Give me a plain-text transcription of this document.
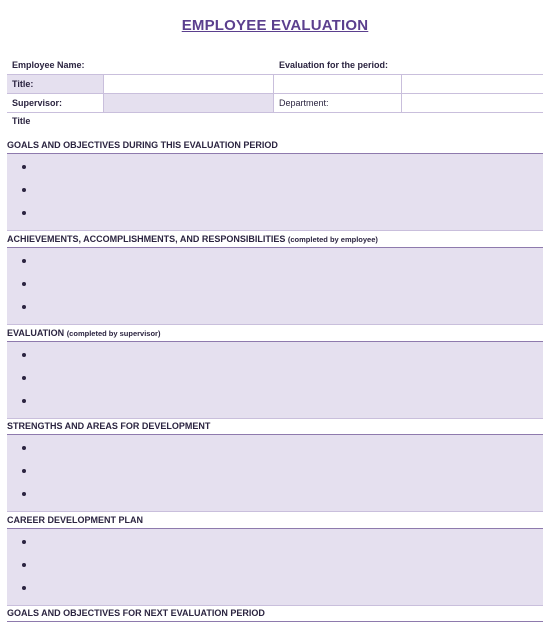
EMPLOYEE EVALUATION
Employee Name:	Evaluation for the period:
Title:
Supervisor:	Department:
Title
GOALS AND OBJECTIVES DURING THIS EVALUATION PERIOD
ACHIEVEMENTS, ACCOMPLISHMENTS, AND RESPONSIBILITIES (completed by employee)
EVALUATION (completed by supervisor)
STRENGTHS AND AREAS FOR DEVELOPMENT
CAREER DEVELOPMENT PLAN
GOALS AND OBJECTIVES FOR NEXT EVALUATION PERIOD
